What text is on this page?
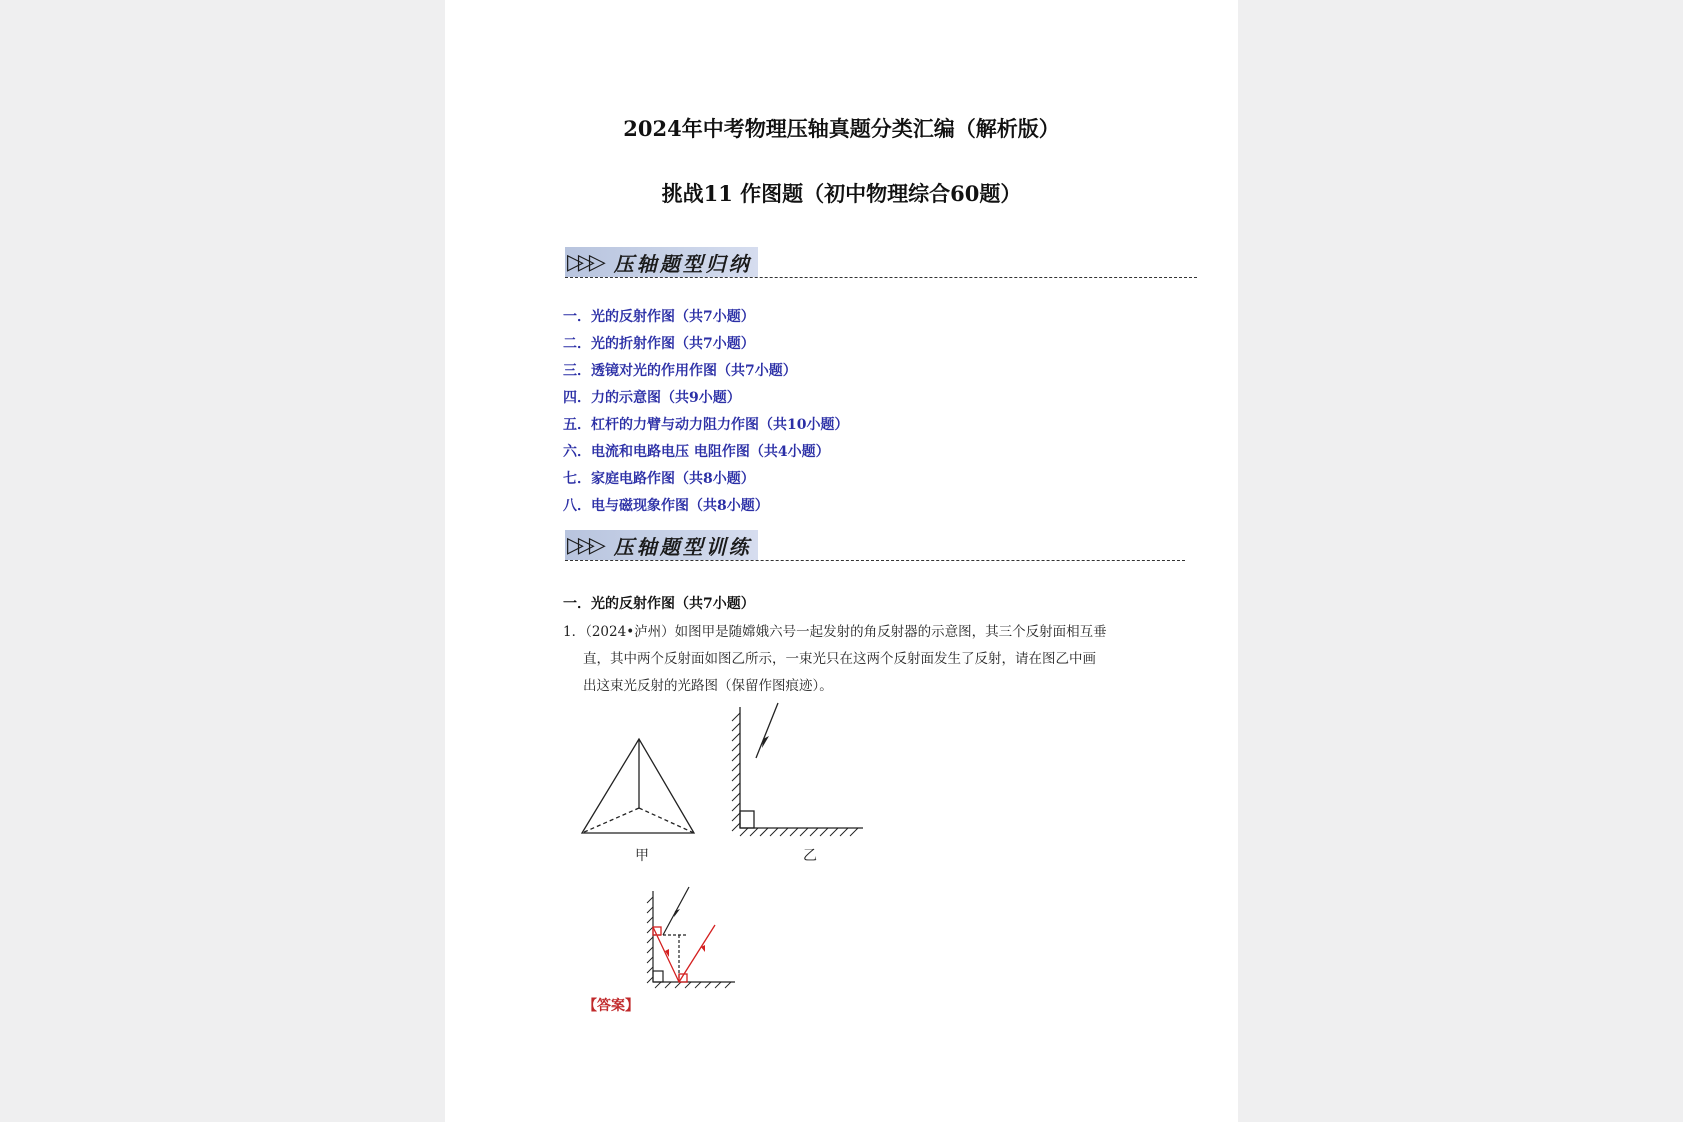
2024年中考物理压轴真题分类汇编（解析版）
挑战11 作图题（初中物理综合60题）
▷▷▷ 压轴题型归纳
一．光的反射作图（共7小题）
二．光的折射作图（共7小题）
三．透镜对光的作用作图（共7小题）
四．力的示意图（共9小题）
五．杠杆的力臂与动力阻力作图（共10小题）
六．电流和电路电压 电阻作图（共4小题）
七．家庭电路作图（共8小题）
八．电与磁现象作图（共8小题）
▷▷▷ 压轴题型训练
一．光的反射作图（共7小题）
1．（2024•泸州）如图甲是随嫦娥六号一起发射的角反射器的示意图，其三个反射面相互垂
直，其中两个反射面如图乙所示，一束光只在这两个反射面发生了反射，请在图乙中画
出这束光反射的光路图（保留作图痕迹）。
甲	乙
【答案】
